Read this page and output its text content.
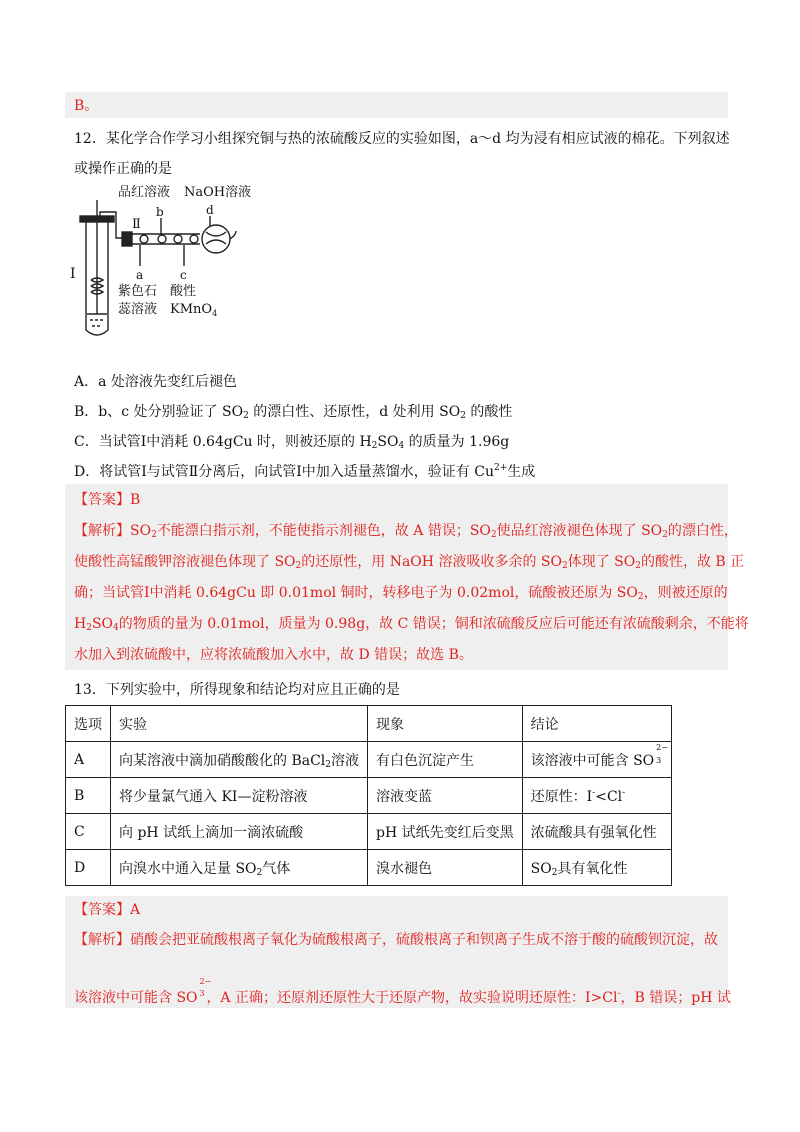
B。
12．某化学合作学习小组探究铜与热的浓硫酸反应的实验如图，a～d 均为浸有相应试液的棉花。下列叙述
或操作正确的是
品红溶液 NaOH溶液
b	d
Ⅱ
Ⅰ	a	c
紫色石 酸性
蕊溶液 KMnO$_4$
A．a 处溶液先变红后褪色
B．b、c 处分别验证了 $SO_2$ 的漂白性、还原性，d 处利用 $SO_2$ 的酸性
C．当试管Ⅰ中消耗 0.64gCu 时，则被还原的 $H_2SO_4$ 的质量为 1.96g
D．将试管Ⅰ与试管Ⅱ分离后，向试管Ⅰ中加入适量蒸馏水，验证有 $Cu^{2+}$生成
【答案】B
【解析】$SO_2$不能漂白指示剂，不能使指示剂褪色，故 A 错误；$SO_2$使品红溶液褪色体现了 $SO_2$的漂白性，
使酸性高锰酸钾溶液褪色体现了 $SO_2$的还原性，用 NaOH 溶液吸收多余的 $SO_2$体现了 $SO_2$的酸性，故 B 正
确；当试管Ⅰ中消耗 0.64gCu 即 0.01mol 铜时，转移电子为 0.02mol，硫酸被还原为 $SO_2$，则被还原的
$H_2SO_4$的物质的量为 0.01mol，质量为 0.98g，故 C 错误；铜和浓硫酸反应后可能还有浓硫酸剩余，不能将
水加入到浓硫酸中，应将浓硫酸加入水中，故 D 错误；故选 B。
13．下列实验中，所得现象和结论均对应且正确的是
选项	实验	现象	结论
A	向某溶液中滴加硝酸酸化的 BaCl$_2$溶液	有白色沉淀产生	该溶液中可能含 SO
2−
3

B	将少量氯气通入 KI—淀粉溶液	溶液变蓝	还原性：I-<Cl-
C	向 pH 试纸上滴加一滴浓硫酸	pH 试纸先变红后变黑	浓硫酸具有强氧化性
D	向溴水中通入足量 $SO_2$气体	溴水褪色	$SO_2$具有氧化性
【答案】A
【解析】硝酸会把亚硫酸根离子氧化为硫酸根离子，硫酸根离子和钡离子生成不溶于酸的硫酸钡沉淀，故
该溶液中可能含 SO
2−
3 ，A 正确；还原剂还原性大于还原产物，故实验说明还原性：I>Cl-，B 错误；pH 试
